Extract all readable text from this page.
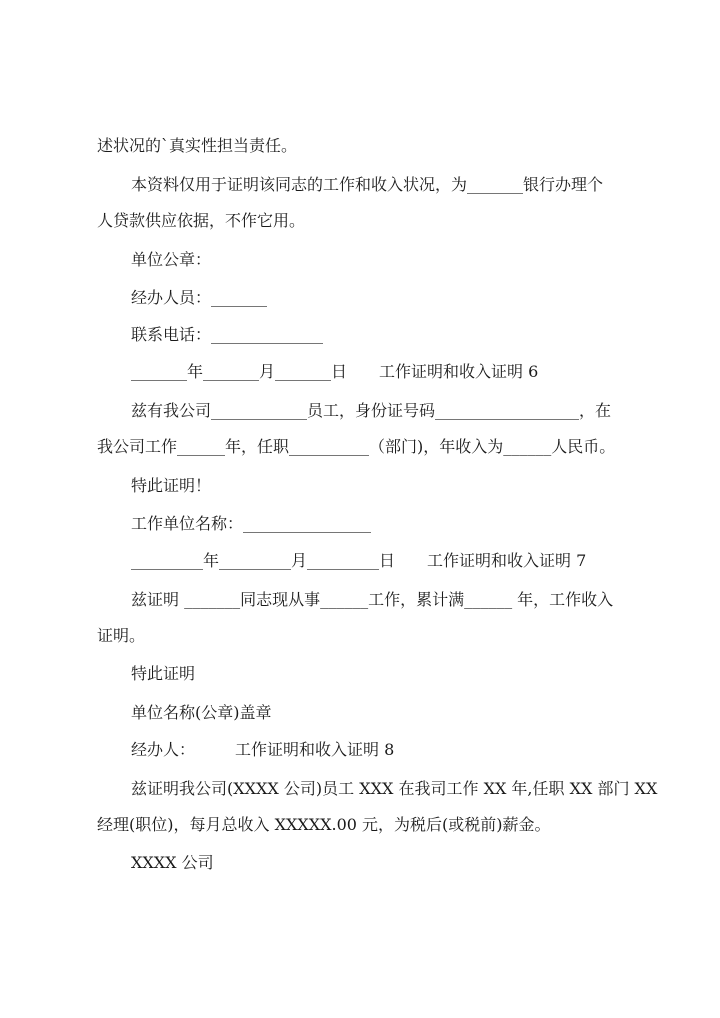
述状况的`真实性担当责任。
本资料仅用于证明该同志的工作和收入状况，为_______银行办理个
人贷款供应依据，不作它用。
单位公章：
经办人员：_______
联系电话：______________
_______年_______月_______日　　工作证明和收入证明 6
兹有我公司____________员工，身份证号码__________________，在
我公司工作______年，任职__________（部门)，年收入为______人民币。
特此证明！
工作单位名称：________________
_________年_________月_________日　　工作证明和收入证明 7
兹证明 _______同志现从事______工作，累计满______ 年，工作收入
证明。
特此证明
单位名称(公章)盖章
经办人：　　　工作证明和收入证明 8
兹证明我公司(XXXX 公司)员工 XXX 在我司工作 XX 年,任职 XX 部门 XX
经理(职位)，每月总收入 XXXXX.00 元，为税后(或税前)薪金。
XXXX 公司
